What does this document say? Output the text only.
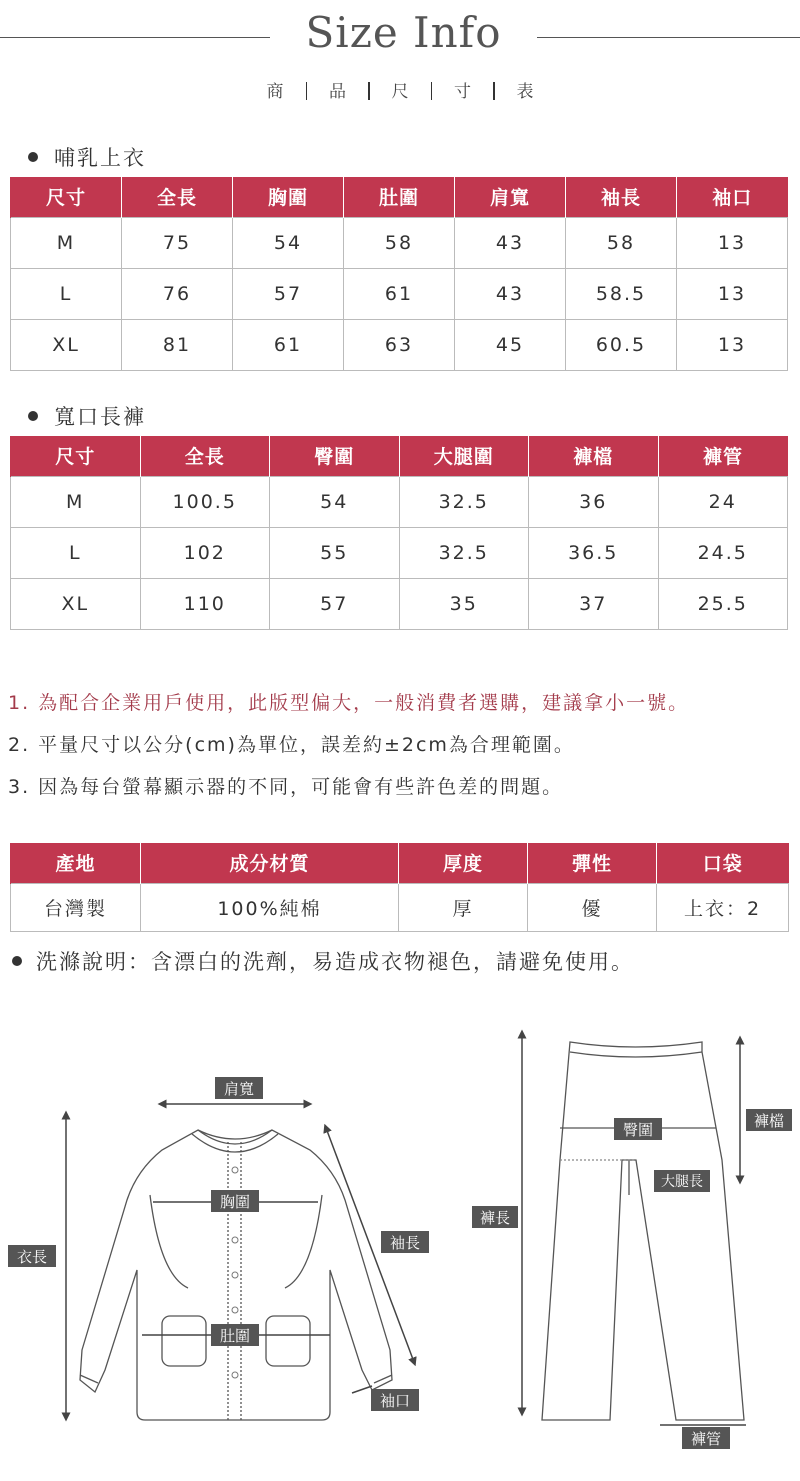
Size Info
商	品	尺	寸	表
哺乳上衣
尺寸	全長	胸圍	肚圍	肩寬	袖長	袖口
M	75	54	58	43	58	13
L	76	57	61	43	58.5	13
XL	81	61	63	45	60.5	13
寬口長褲
尺寸	全長	臀圍	大腿圍	褲檔	褲管
M	100.5	54	32.5	36	24
L	102	55	32.5	36.5	24.5
XL	110	57	35	37	25.5

1. 為配合企業用戶使用，此版型偏大，一般消費者選購，建議拿小一號。

2. 平量尺寸以公分(cm)為單位，誤差約±2cm為合理範圍。

3. 因為每台螢幕顯示器的不同，可能會有些許色差的問題。

產地	成分材質	厚度	彈性	口袋
台灣製	100%純棉	厚	優	上衣：2
洗滌說明：含漂白的洗劑，易造成衣物褪色，請避免使用。
肩寬
胸圍
肚圍
袖長
袖口
衣長
臀圍	褲檔
大腿長
褲長
褲管
